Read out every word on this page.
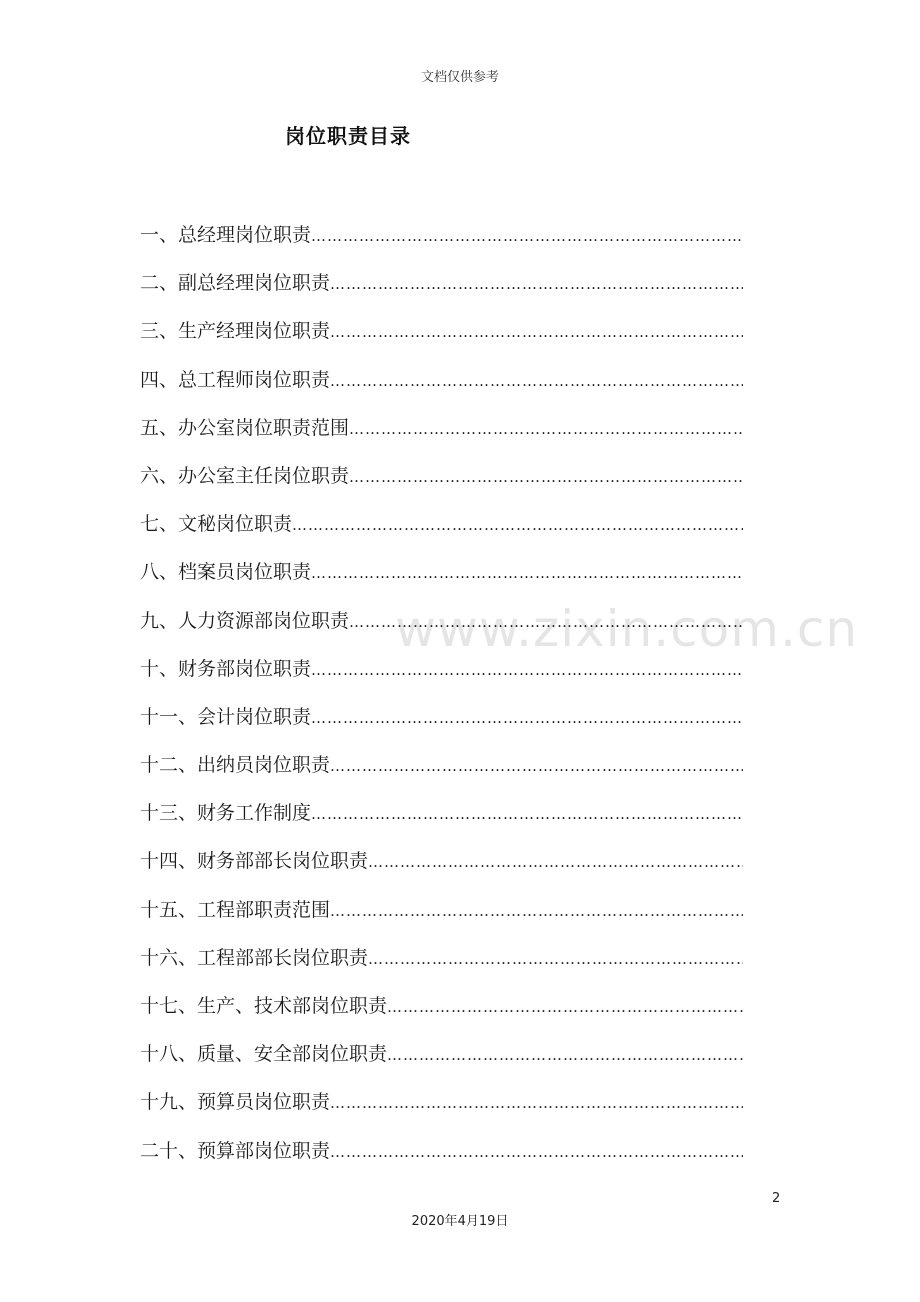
文档仅供参考
岗位职责目录
一、总经理岗位职责
…………………………………………………………………………………………………………………………
二、副总经理岗位职责
…………………………………………………………………………………………………………………………
三、生产经理岗位职责
…………………………………………………………………………………………………………………………
四、总工程师岗位职责
…………………………………………………………………………………………………………………………
五、办公室岗位职责范围
…………………………………………………………………………………………………………………………
六、办公室主任岗位职责
…………………………………………………………………………………………………………………………
七、文秘岗位职责
…………………………………………………………………………………………………………………………
八、档案员岗位职责
…………………………………………………………………………………………………………………………
九、人力资源部岗位职责
…………………………………………………………………………………………………………………………
十、财务部岗位职责
…………………………………………………………………………………………………………………………
十一、会计岗位职责
…………………………………………………………………………………………………………………………
十二、出纳员岗位职责
…………………………………………………………………………………………………………………………
十三、财务工作制度
…………………………………………………………………………………………………………………………
十四、财务部部长岗位职责
…………………………………………………………………………………………………………………………
十五、工程部职责范围
…………………………………………………………………………………………………………………………
十六、工程部部长岗位职责
…………………………………………………………………………………………………………………………
十七、生产、技术部岗位职责
…………………………………………………………………………………………………………………………
十八、质量、安全部岗位职责
…………………………………………………………………………………………………………………………
十九、预算员岗位职责
…………………………………………………………………………………………………………………………
二十、预算部岗位职责
…………………………………………………………………………………………………………………………
www.zixin.com.cn
2
2020年4月19日
